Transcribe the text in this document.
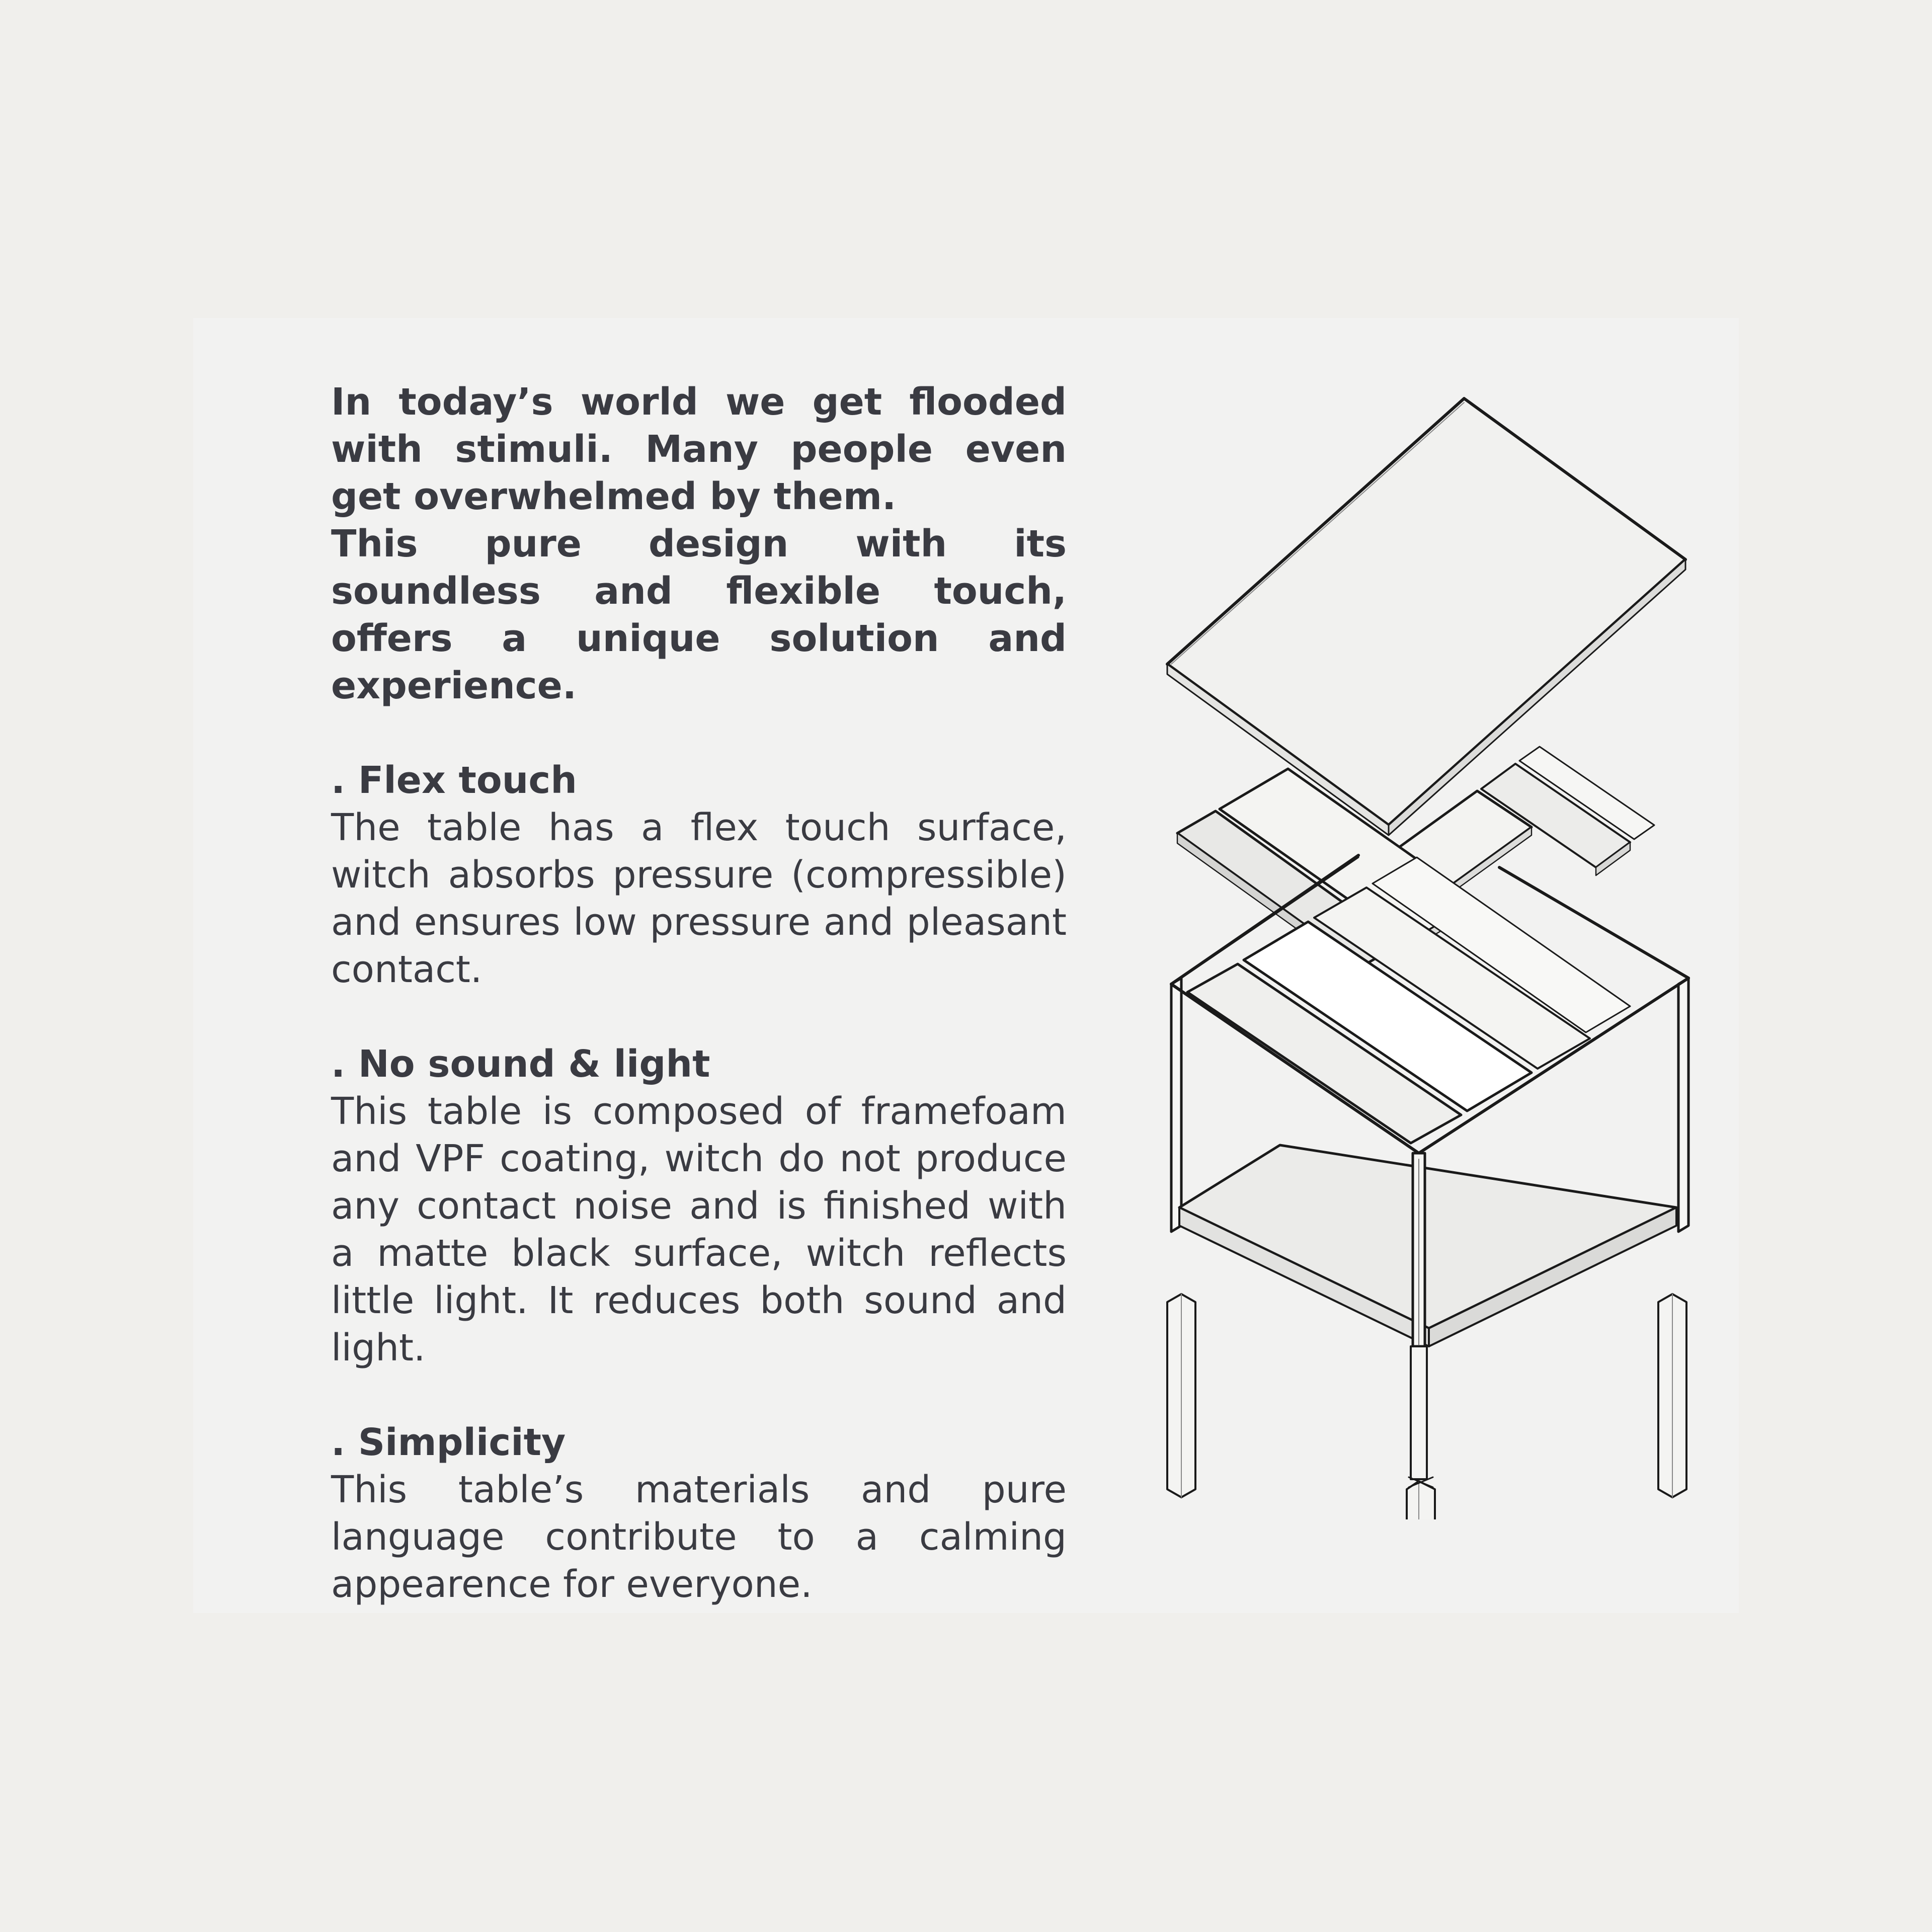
In today’s world we get flooded with stimuli. Many people even get overwhelmed by them.
This pure design with its soundless and flexible touch, offers a unique solution and experience.

. Flex touch

The table has a flex touch surface, witch absorbs pressure (compressible) and ensures low pressure and pleasant contact.

. No sound & light

This table is composed of framefoam and VPF coating, witch do not produce any contact noise and is finished with a matte black surface, witch reflects little light. It reduces both sound and light.

. Simplicity

This table’s materials and pure language contribute to a calming appearence for everyone.
